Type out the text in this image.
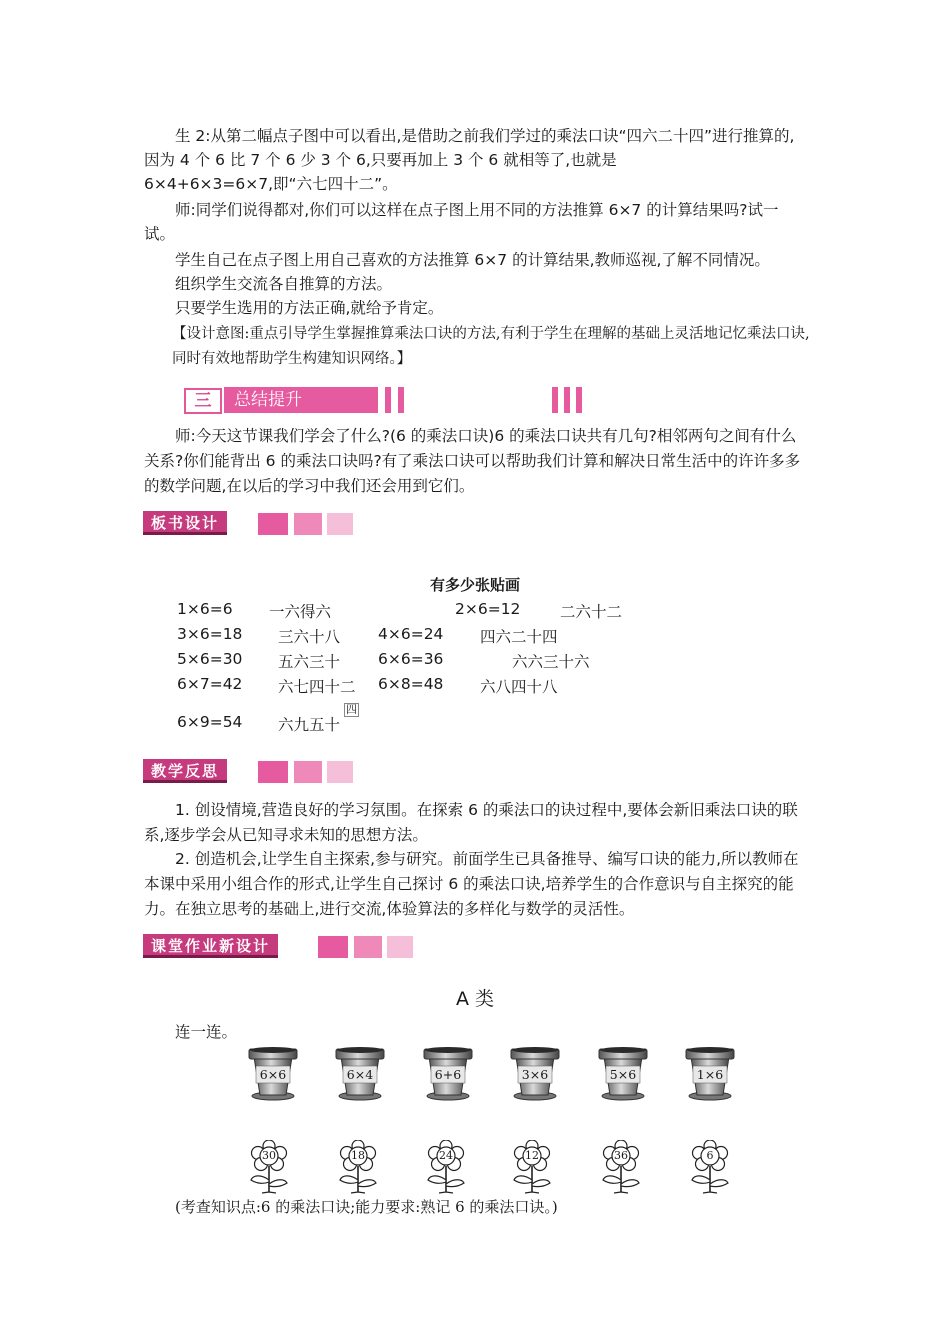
生 2:从第二幅点子图中可以看出,是借助之前我们学过的乘法口诀“四六二十四”进行推算的,因为 4 个 6 比 7 个 6 少 3 个 6,只要再加上 3 个 6 就相等了,也就是
6×4+6×3=6×7,即“六七四十二”。
师:同学们说得都对,你们可以这样在点子图上用不同的方法推算 6×7 的计算结果吗?试一试。
学生自己在点子图上用自己喜欢的方法推算 6×7 的计算结果,教师巡视,了解不同情况。
组织学生交流各自推算的方法。
只要学生选用的方法正确,就给予肯定。
【设计意图:重点引导学生掌握推算乘法口诀的方法,有利于学生在理解的基础上灵活地记忆乘法口诀,同时有效地帮助学生构建知识网络。】
三	总结提升
师:今天这节课我们学会了什么?(6 的乘法口诀)6 的乘法口诀共有几句?相邻两句之间有什么关系?你们能背出 6 的乘法口诀吗?有了乘法口诀可以帮助我们计算和解决日常生活中的许许多多的数学问题,在以后的学习中我们还会用到它们。
板书设计
有多少张贴画
1×6=6 一六得六	2×6=12	二六十二
3×6=18 三六十八 4×6=24 四六二十四
5×6=30 五六三十 6×6=36	六六三十六
6×7=42 六七四十二 6×8=48 六八四十八
6×9=54 六九五十
四
教学反思
1. 创设情境,营造良好的学习氛围。在探索 6 的乘法口的诀过程中,要体会新旧乘法口诀的联系,逐步学会从已知寻求未知的思想方法。
2. 创造机会,让学生自主探索,参与研究。前面学生已具备推导、编写口诀的能力,所以教师在本课中采用小组合作的形式,让学生自己探讨 6 的乘法口诀,培养学生的合作意识与自主探究的能力。在独立思考的基础上,进行交流,体验算法的多样化与数学的灵活性。
课堂作业新设计
A 类
连一连。
6×6	6×4	6+6	3×6	5×6	1×6
30	18	24	12	36	6
(考查知识点:6 的乘法口诀;能力要求:熟记 6 的乘法口诀。)
